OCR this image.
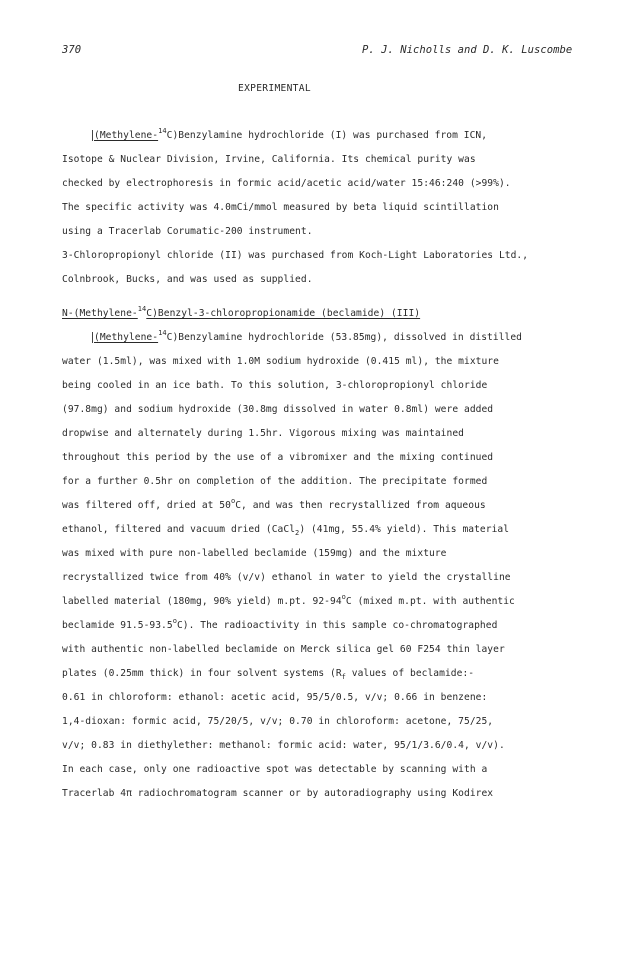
370	P. J. Nicholls and D. K. Luscombe
EXPERIMENTAL
(Methylene-$^{14}$C)Benzylamine hydrochloride (I) was purchased from ICN,
Isotope & Nuclear Division, Irvine, California. Its chemical purity was
checked by electrophoresis in formic acid/acetic acid/water 15:46:240 (>99%).
The specific activity was 4.0mCi/mmol measured by beta liquid scintillation
using a Tracerlab Corumatic-200 instrument.
3-Chloropropionyl chloride (II) was purchased from Koch-Light Laboratories Ltd.,
Colnbrook, Bucks, and was used as supplied.
N-(Methylene-$^{14}$C)Benzyl-3-chloropropionamide (beclamide) (III)
(Methylene-$^{14}$C)Benzylamine hydrochloride (53.85mg), dissolved in distilled
water (1.5ml), was mixed with 1.0M sodium hydroxide (0.415 ml), the mixture
being cooled in an ice bath. To this solution, 3-chloropropionyl chloride
(97.8mg) and sodium hydroxide (30.8mg dissolved in water 0.8ml) were added
dropwise and alternately during 1.5hr. Vigorous mixing was maintained
throughout this period by the use of a vibromixer and the mixing continued
for a further 0.5hr on completion of the addition. The precipitate formed
was filtered off, dried at 50$^o$C, and was then recrystallized from aqueous
ethanol, filtered and vacuum dried (CaCl$_2$) (41mg, 55.4% yield). This material
was mixed with pure non-labelled beclamide (159mg) and the mixture
recrystallized twice from 40% (v/v) ethanol in water to yield the crystalline
labelled material (180mg, 90% yield) m.pt. 92-94$^o$C (mixed m.pt. with authentic
beclamide 91.5-93.5$^o$C). The radioactivity in this sample co-chromatographed
with authentic non-labelled beclamide on Merck silica gel 60 F254 thin layer
plates (0.25mm thick) in four solvent systems ($R_f$ values of beclamide:-
0.61 in chloroform: ethanol: acetic acid, 95/5/0.5, v/v; 0.66 in benzene:
1,4-dioxan: formic acid, 75/20/5, v/v; 0.70 in chloroform: acetone, 75/25,
v/v; 0.83 in diethylether: methanol: formic acid: water, 95/1/3.6/0.4, v/v).
In each case, only one radioactive spot was detectable by scanning with a
Tracerlab 4π radiochromatogram scanner or by autoradiography using Kodirex
